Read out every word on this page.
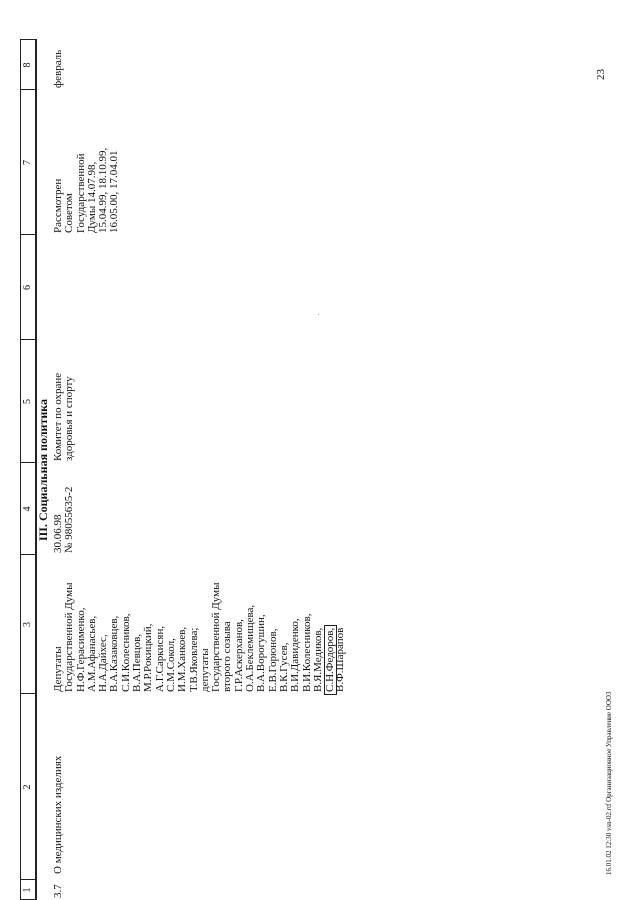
1
2
3
4
5
6
7
8
III. Социальная политика
3.7
О медицинских изделиях
Депутаты Государственной Думы Н.Ф.Герасименко, А.М.Афанасьев, Н.А.Дайхес, В.А.Казаковцев, С.И.Колесников, В.А.Певцов, М.Р.Рокицкий, А.Г.Саркисян, С.М.Сокол, И.М.Ханкоев, Т.В.Яковлева; депутаты Государственной Думы второго созыва Г.Р.Аскерханов, О.А.Беклемищева, В.А.Ворогушин, Е.В.Горюнов, В.К.Гусев, В.И.Давиденко, В.И.Колесников, В.Я.Медиков, С.Н.Федоров,
В.Ф.Шарапов
30.06.98 № 98055635-2
Комитет по охране здоровья и спорту
Рассмотрен Советом Государственной Думы 14.07.98, 15.04.99, 18.10.99, 16.05.00, 17.04.01
февраль	23
16.01.02 12:30 vsn-02.rtf Организационное Управление ООО3
